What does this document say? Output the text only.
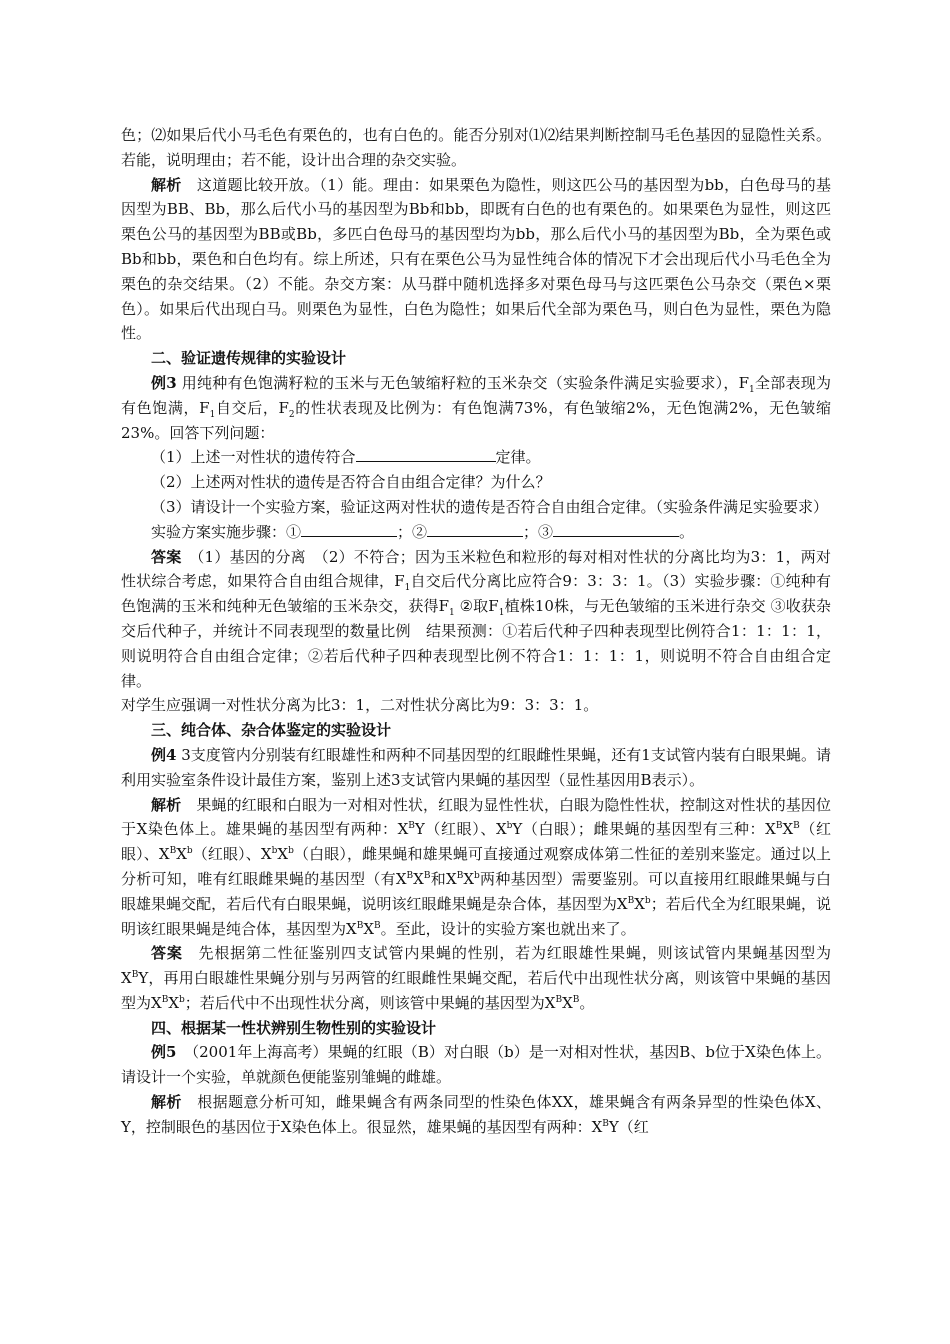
色；⑵如果后代小马毛色有栗色的，也有白色的。能否分别对⑴⑵结果判断控制马毛色基因的显隐性关系。若能，说明理由；若不能，设计出合理的杂交实验。

解析　这道题比较开放。（1）能。理由：如果栗色为隐性，则这匹公马的基因型为bb，白色母马的基因型为BB、Bb，那么后代小马的基因型为Bb和bb，即既有白色的也有栗色的。如果栗色为显性，则这匹栗色公马的基因型为BB或Bb，多匹白色母马的基因型均为bb，那么后代小马的基因型为Bb，全为栗色或Bb和bb，栗色和白色均有。综上所述，只有在栗色公马为显性纯合体的情况下才会出现后代小马毛色全为栗色的杂交结果。（2）不能。杂交方案：从马群中随机选择多对栗色母马与这匹栗色公马杂交（栗色×栗色）。如果后代出现白马。则栗色为显性，白色为隐性；如果后代全部为栗色马，则白色为显性，栗色为隐性。

二、验证遗传规律的实验设计

例3 用纯种有色饱满籽粒的玉米与无色皱缩籽粒的玉米杂交（实验条件满足实验要求），$F_1$全部表现为有色饱满，$F_1$自交后，$F_2$的性状表现及比例为：有色饱满73%，有色皱缩2%，无色饱满2%，无色皱缩23%。回答下列问题：

（1）上述一对性状的遗传符合	定律。

（2）上述两对性状的遗传是否符合自由组合定律？为什么？

（3）请设计一个实验方案，验证这两对性状的遗传是否符合自由组合定律。（实验条件满足实验要求）

实验方案实施步骤：①	；②	；③	。

答案　（1）基因的分离　（2）不符合；因为玉米粒色和粒形的每对相对性状的分离比均为3：1，两对性状综合考虑，如果符合自由组合规律，$F_1$自交后代分离比应符合9：3：3：1。（3）实验步骤：①纯种有色饱满的玉米和纯种无色皱缩的玉米杂交，获得$F_1$ ②取$F_1$植株10株，与无色皱缩的玉米进行杂交 ③收获杂交后代种子，并统计不同表现型的数量比例　结果预测：①若后代种子四种表现型比例符合1：1：1：1，则说明符合自由组合定律；②若后代种子四种表现型比例不符合1：1：1：1，则说明不符合自由组合定律。

对学生应强调一对性状分离为比3：1，二对性状分离比为9：3：3：1。

三、纯合体、杂合体鉴定的实验设计

例4 3支度管内分别装有红眼雄性和两种不同基因型的红眼雌性果蝇，还有1支试管内装有白眼果蝇。请利用实验室条件设计最佳方案，鉴别上述3支试管内果蝇的基因型（显性基因用B表示）。

解析　果蝇的红眼和白眼为一对相对性状，红眼为显性性状，白眼为隐性性状，控制这对性状的基因位于X染色体上。雄果蝇的基因型有两种：$X^BY$（红眼）、$X^bY$（白眼）；雌果蝇的基因型有三种：$X^BX^B$（红眼）、$X^BX^b$（红眼）、$X^bX^b$（白眼），雌果蝇和雄果蝇可直接通过观察成体第二性征的差别来鉴定。通过以上分析可知，唯有红眼雌果蝇的基因型（有$X^BX^B$和$X^BX^b$两种基因型）需要鉴别。可以直接用红眼雌果蝇与白眼雄果蝇交配，若后代有白眼果蝇，说明该红眼雌果蝇是杂合体，基因型为$X^BX^b$；若后代全为红眼果蝇，说明该红眼果蝇是纯合体，基因型为$X^BX^B$。至此，设计的实验方案也就出来了。

答案　先根据第二性征鉴别四支试管内果蝇的性别，若为红眼雄性果蝇，则该试管内果蝇基因型为$X^BY$，再用白眼雄性果蝇分别与另两管的红眼雌性果蝇交配，若后代中出现性状分离，则该管中果蝇的基因型为$X^BX^b$；若后代中不出现性状分离，则该管中果蝇的基因型为$X^BX^B$。

四、根据某一性状辨别生物性别的实验设计

例5　（2001年上海高考）果蝇的红眼（B）对白眼（b）是一对相对性状，基因B、b位于X染色体上。请设计一个实验，单就颜色便能鉴别雏蝇的雌雄。

解析　根据题意分析可知，雌果蝇含有两条同型的性染色体XX，雄果蝇含有两条异型的性染色体X、Y，控制眼色的基因位于X染色体上。很显然，雄果蝇的基因型有两种：$X^BY$（红
